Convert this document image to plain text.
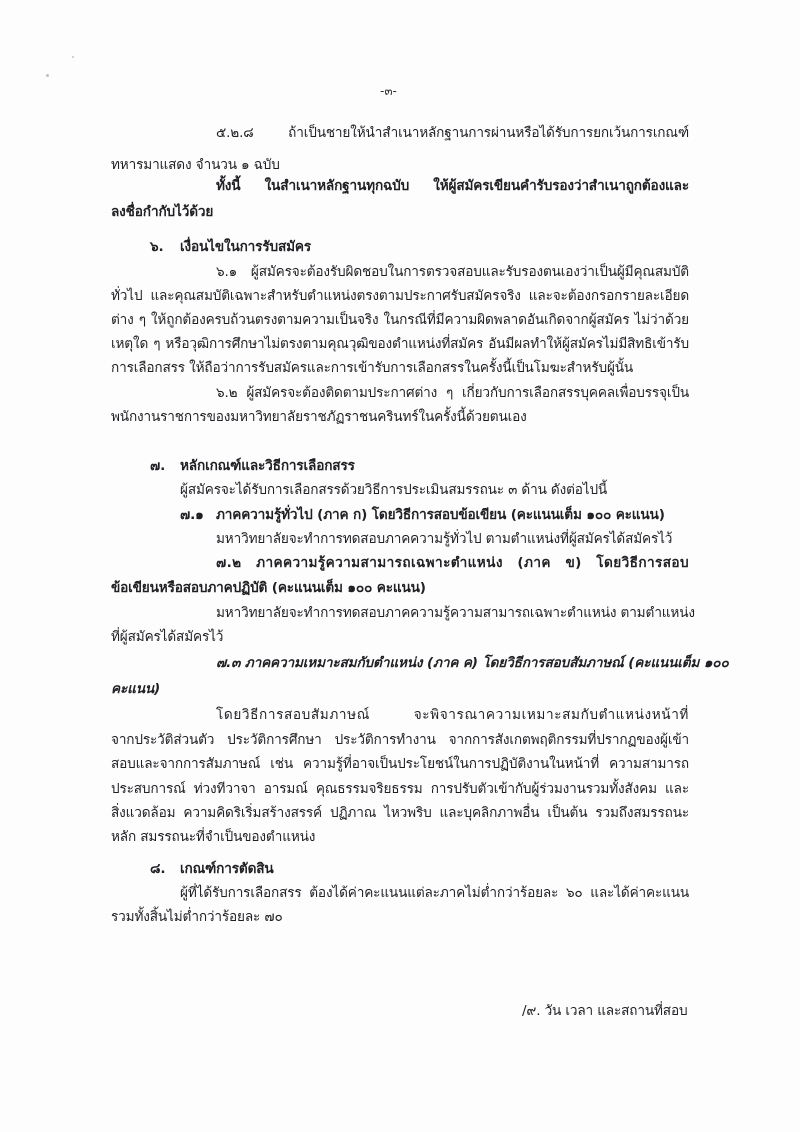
-๓-
๕.๒.๘ ถ้าเป็นชายให้นำสำเนาหลักฐานการผ่านหรือได้รับการยกเว้นการเกณฑ์
ทหารมาแสดง จำนวน ๑ ฉบับ
ทั้งนี้ ในสำเนาหลักฐานทุกฉบับ ให้ผู้สมัครเขียนคำรับรองว่าสำเนาถูกต้องและ
ลงชื่อกำกับไว้ด้วย
๖. เงื่อนไขในการรับสมัคร
๖.๑ ผู้สมัครจะต้องรับผิดชอบในการตรวจสอบและรับรองตนเองว่าเป็นผู้มีคุณสมบัติ
ทั่วไป และคุณสมบัติเฉพาะสำหรับตำแหน่งตรงตามประกาศรับสมัครจริง และจะต้องกรอกรายละเอียด
ต่าง ๆ ให้ถูกต้องครบถ้วนตรงตามความเป็นจริง ในกรณีที่มีความผิดพลาดอันเกิดจากผู้สมัคร ไม่ว่าด้วย
เหตุใด ๆ หรือวุฒิการศึกษาไม่ตรงตามคุณวุฒิของตำแหน่งที่สมัคร อันมีผลทำให้ผู้สมัครไม่มีสิทธิเข้ารับ
การเลือกสรร ให้ถือว่าการรับสมัครและการเข้ารับการเลือกสรรในครั้งนี้เป็นโมฆะสำหรับผู้นั้น
๖.๒ ผู้สมัครจะต้องติดตามประกาศต่าง ๆ เกี่ยวกับการเลือกสรรบุคคลเพื่อบรรจุเป็น
พนักงานราชการของมหาวิทยาลัยราชภัฏราชนครินทร์ในครั้งนี้ด้วยตนเอง
๗. หลักเกณฑ์และวิธีการเลือกสรร
ผู้สมัครจะได้รับการเลือกสรรด้วยวิธีการประเมินสมรรถนะ ๓ ด้าน ดังต่อไปนี้
๗.๑ ภาคความรู้ทั่วไป (ภาค ก) โดยวิธีการสอบข้อเขียน (คะแนนเต็ม ๑๐๐ คะแนน)
มหาวิทยาลัยจะทำการทดสอบภาคความรู้ทั่วไป ตามตำแหน่งที่ผู้สมัครได้สมัครไว้
๗.๒ ภาคความรู้ความสามารถเฉพาะตำแหน่ง (ภาค ข) โดยวิธีการสอบ
ข้อเขียนหรือสอบภาคปฏิบัติ (คะแนนเต็ม ๑๐๐ คะแนน)
มหาวิทยาลัยจะทำการทดสอบภาคความรู้ความสามารถเฉพาะตำแหน่ง ตามตำแหน่ง
ที่ผู้สมัครได้สมัครไว้
๗.๓ ภาคความเหมาะสมกับตำแหน่ง (ภาค ค) โดยวิธีการสอบสัมภาษณ์ (คะแนนเต็ม ๑๐๐
คะแนน)
โดยวิธีการสอบสัมภาษณ์ จะพิจารณาความเหมาะสมกับตำแหน่งหน้าที่
จากประวัติส่วนตัว ประวัติการศึกษา ประวัติการทำงาน จากการสังเกตพฤติกรรมที่ปรากฏของผู้เข้า
สอบและจากการสัมภาษณ์ เช่น ความรู้ที่อาจเป็นประโยชน์ในการปฏิบัติงานในหน้าที่ ความสามารถ
ประสบการณ์ ท่วงทีวาจา อารมณ์ คุณธรรมจริยธรรม การปรับตัวเข้ากับผู้ร่วมงานรวมทั้งสังคม และ
สิ่งแวดล้อม ความคิดริเริ่มสร้างสรรค์ ปฏิภาณ ไหวพริบ และบุคลิกภาพอื่น เป็นต้น รวมถึงสมรรถนะ
หลัก สมรรถนะที่จำเป็นของตำแหน่ง
๘. เกณฑ์การตัดสิน
ผู้ที่ได้รับการเลือกสรร ต้องได้ค่าคะแนนแต่ละภาคไม่ต่ำกว่าร้อยละ ๖๐ และได้ค่าคะแนน
รวมทั้งสิ้นไม่ต่ำกว่าร้อยละ ๗๐
/๙. วัน เวลา และสถานที่สอบ
